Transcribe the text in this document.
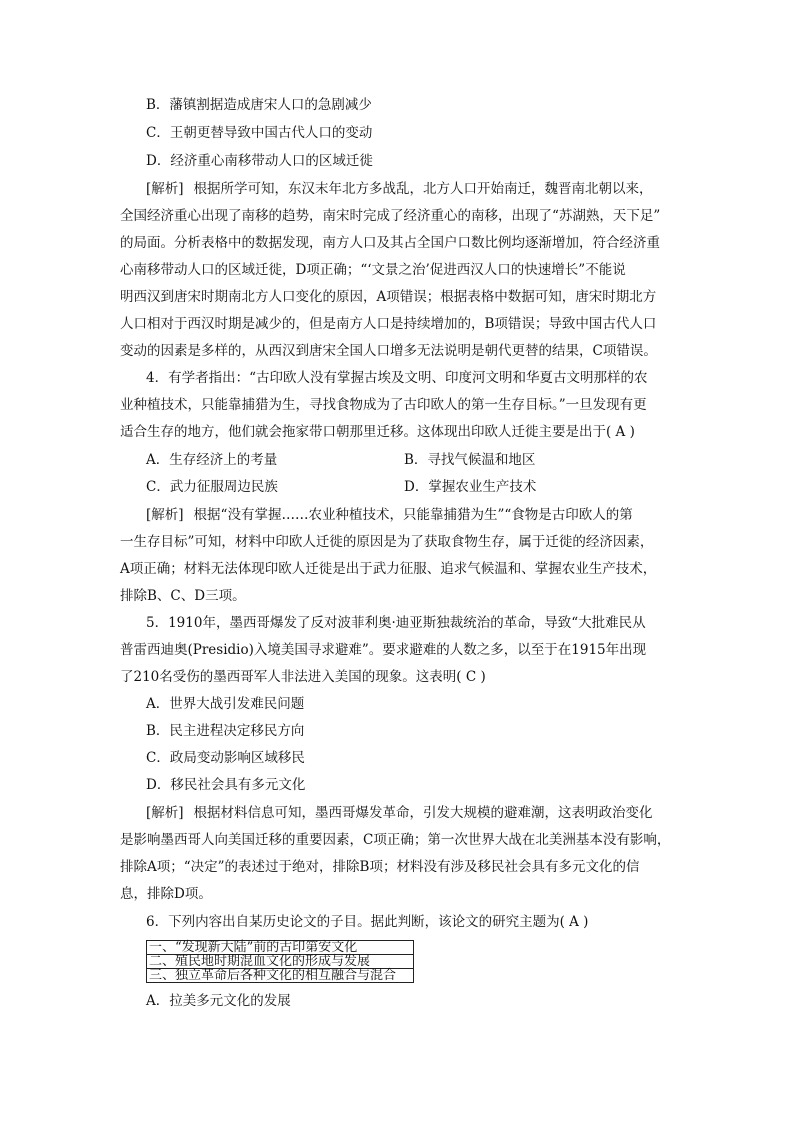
B．藩镇割据造成唐宋人口的急剧减少
C．王朝更替导致中国古代人口的变动
D．经济重心南移带动人口的区域迁徙
[解析] 根据所学可知，东汉末年北方多战乱，北方人口开始南迁，魏晋南北朝以来，
全国经济重心出现了南移的趋势，南宋时完成了经济重心的南移，出现了“苏湖熟，天下足”
的局面。分析表格中的数据发现，南方人口及其占全国户口数比例均逐渐增加，符合经济重
心南移带动人口的区域迁徙，D项正确；“‘文景之治’促进西汉人口的快速增长”不能说
明西汉到唐宋时期南北方人口变化的原因，A项错误；根据表格中数据可知，唐宋时期北方
人口相对于西汉时期是减少的，但是南方人口是持续增加的，B项错误；导致中国古代人口
变动的因素是多样的，从西汉到唐宋全国人口增多无法说明是朝代更替的结果，C项错误。
4．有学者指出：“古印欧人没有掌握古埃及文明、印度河文明和华夏古文明那样的农
业种植技术，只能靠捕猎为生，寻找食物成为了古印欧人的第一生存目标。”一旦发现有更
适合生存的地方，他们就会拖家带口朝那里迁移。这体现出印欧人迁徙主要是出于( A )
A．生存经济上的考量	B．寻找气候温和地区
C．武力征服周边民族	D．掌握农业生产技术
[解析] 根据“没有掌握……农业种植技术，只能靠捕猎为生”“食物是古印欧人的第
一生存目标”可知，材料中印欧人迁徙的原因是为了获取食物生存，属于迁徙的经济因素，
A项正确；材料无法体现印欧人迁徙是出于武力征服、追求气候温和、掌握农业生产技术，
排除B、C、D三项。
5．1910年，墨西哥爆发了反对波菲利奥·迪亚斯独裁统治的革命，导致“大批难民从
普雷西迪奥(Presidio)入境美国寻求避难”。要求避难的人数之多，以至于在1915年出现
了210名受伤的墨西哥军人非法进入美国的现象。这表明( C )
A．世界大战引发难民问题
B．民主进程决定移民方向
C．政局变动影响区域移民
D．移民社会具有多元文化
[解析] 根据材料信息可知，墨西哥爆发革命，引发大规模的避难潮，这表明政治变化
是影响墨西哥人向美国迁移的重要因素，C项正确；第一次世界大战在北美洲基本没有影响，
排除A项；“决定”的表述过于绝对，排除B项；材料没有涉及移民社会具有多元文化的信
息，排除D项。
6．下列内容出自某历史论文的子目。据此判断，该论文的研究主题为( A )
一、“发现新大陆”前的古印第安文化
二、殖民地时期混血文化的形成与发展
三、独立革命后各种文化的相互融合与混合
A．拉美多元文化的发展
